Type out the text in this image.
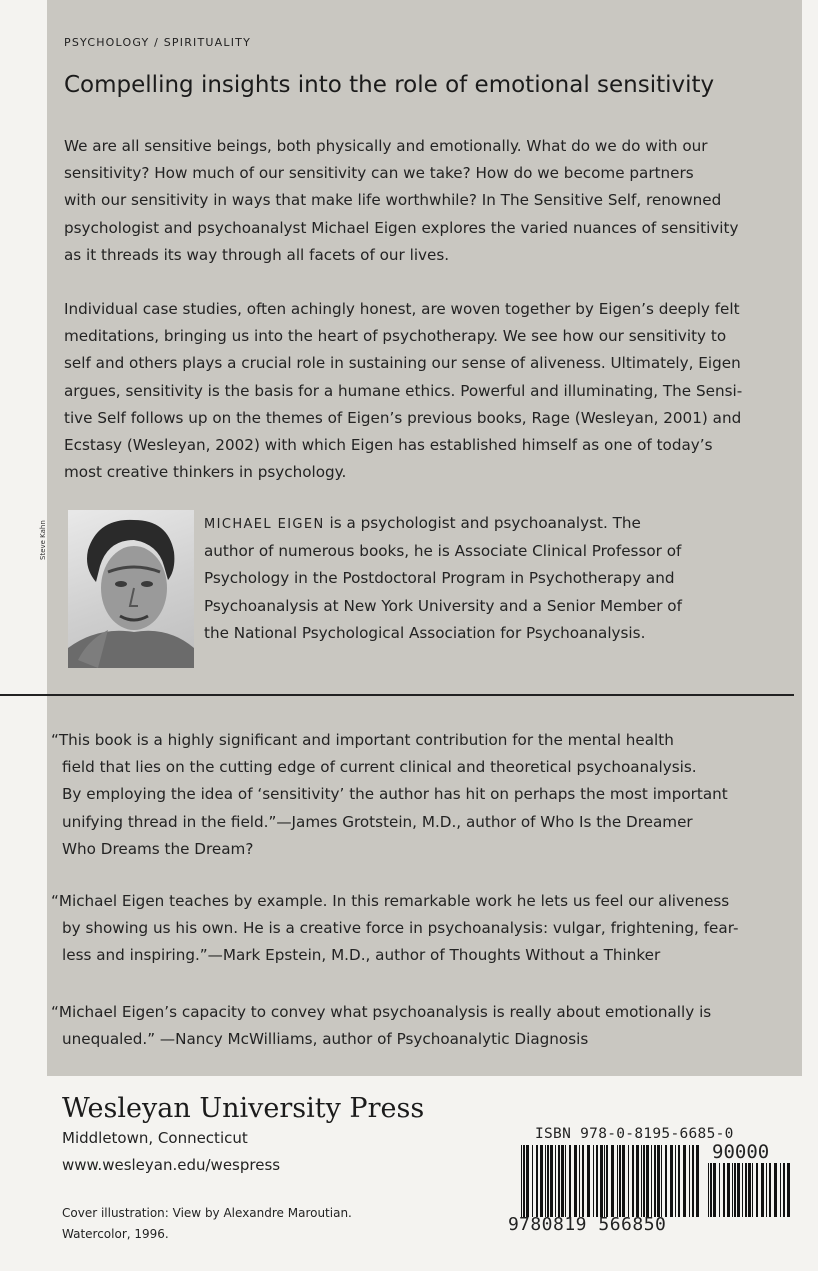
PSYCHOLOGY / SPIRITUALITY
Compelling insights into the role of emotional sensitivity

We are all sensitive beings, both physically and emotionally. What do we do with our

sensitivity? How much of our sensitivity can we take? How do we become partners

with our sensitivity in ways that make life worthwhile? In The Sensitive Self, renowned

psychologist and psychoanalyst Michael Eigen explores the varied nuances of sensitivity

as it threads its way through all facets of our lives.

Individual case studies, often achingly honest, are woven together by Eigen’s deeply felt

meditations, bringing us into the heart of psychotherapy. We see how our sensitivity to

self and others plays a crucial role in sustaining our sense of aliveness. Ultimately, Eigen

argues, sensitivity is the basis for a humane ethics. Powerful and illuminating, The Sensi-

tive Self follows up on the themes of Eigen’s previous books, Rage (Wesleyan, 2001) and

Ecstasy (Wesleyan, 2002) with which Eigen has established himself as one of today’s

most creative thinkers in psychology.

Steve Kahn	MICHAEL EIGEN is a psychologist and psychoanalyst. The

author of numerous books, he is Associate Clinical Professor of

Psychology in the Postdoctoral Program in Psychotherapy and

Psychoanalysis at New York University and a Senior Member of

the National Psychological Association for Psychoanalysis.

“This book is a highly significant and important contribution for the mental health

field that lies on the cutting edge of current clinical and theoretical psychoanalysis.

By employing the idea of ‘sensitivity’ the author has hit on perhaps the most important

unifying thread in the field.”—James Grotstein, M.D., author of Who Is the Dreamer

Who Dreams the Dream?

“Michael Eigen teaches by example. In this remarkable work he lets us feel our aliveness

by showing us his own. He is a creative force in psychoanalysis: vulgar, frightening, fear-

less and inspiring.”—Mark Epstein, M.D., author of Thoughts Without a Thinker

“Michael Eigen’s capacity to convey what psychoanalysis is really about emotionally is

unequaled.” —Nancy McWilliams, author of Psychoanalytic Diagnosis

Wesleyan University Press
Middletown, Connecticut
www.wesleyan.edu/wespress

Cover illustration: View by Alexandre Maroutian.

Watercolor, 1996.

ISBN 978-0-8195-6685-0
90000
9 780819 566850
